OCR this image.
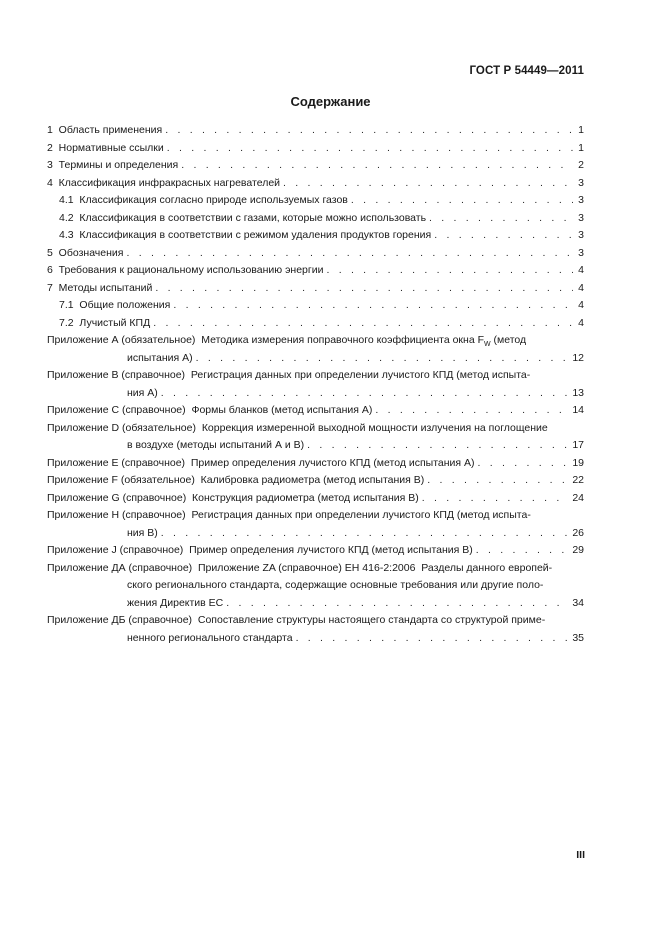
ГОСТ Р 54449—2011
Содержание
1  Область применения . . .	1
2  Нормативные ссылки . . .	1
3  Термины и определения . . .	2
4  Классификация инфракрасных нагревателей . . .	3
4.1  Классификация согласно природе используемых газов . . .	3
4.2  Классификация в соответствии с газами, которые можно использовать . . .	3
4.3  Классификация в соответствии с режимом удаления продуктов горения . . .	3
5  Обозначения . . .	3
6  Требования к рациональному использованию энергии . . .	4
7  Методы испытаний . . .	4
7.1  Общие положения . . .	4
7.2  Лучистый КПД . . .	4
Приложение А (обязательное)  Методика измерения поправочного коэффициента окна $F_W$ (метод
испытания А) . . .	12
Приложение В (справочное)  Регистрация данных при определении лучистого КПД (метод испыта-
ния А) . . .	13
Приложение С (справочное)  Формы бланков (метод испытания А) . . .	14
Приложение D (обязательное)  Коррекция измеренной выходной мощности излучения на поглощение
в воздухе (методы испытаний А и В) . . .	17
Приложение Е (справочное)  Пример определения лучистого КПД (метод испытания А) . . .	19
Приложение F (обязательное)  Калибровка радиометра (метод испытания В) . . .	22
Приложение G (справочное)  Конструкция радиометра (метод испытания В) . . .	24
Приложение Н (справочное)  Регистрация данных при определении лучистого КПД (метод испыта-
ния В) . . .	26
Приложение J (справочное)  Пример определения лучистого КПД (метод испытания В) . . .	29
Приложение ДА (справочное)  Приложение ZA (справочное) ЕН 416-2:2006  Разделы данного европей-
ского регионального стандарта, содержащие основные требования или другие поло-
жения Директив ЕС . . .	34
Приложение ДБ (справочное)  Сопоставление структуры настоящего стандарта со структурой приме-
ненного регионального стандарта . . .	35
III
